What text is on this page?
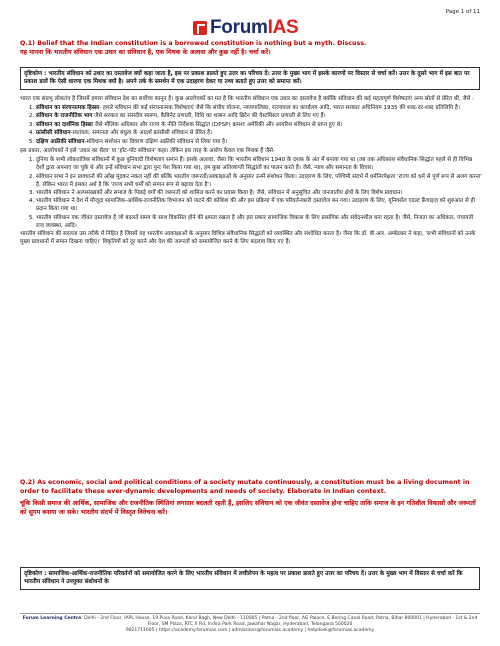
Page 1 of 11
ForumIAS
Q.1) Belief that the Indian constitution is a borrowed constitution is nothing but a myth. Discuss.
यह मानना कि भारतीय संविधान एक उधार का संविधान है, एक मिथक के अलावा और कुछ नहीं है। चर्चा करें।
दृष्टिकोण : भारतीय संविधान को उधार का दस्तावेज क्यों कहा जाता है, इस पर प्रकाश डालते हुए उत्तर का परिचय दें। उत्तर के मुख्य भाग में इसके कारणों पर विस्तार से चर्चा करें। उत्तर के दूसरे भाग में इस बात पर प्रकाश डालें कि ऐसी धारणा एक मिथक क्यों है। अपने तर्क के समर्थन में एक उदाहरण देकर या तथ्य बताते हुए उत्तर को समाप्त करें।

भारत एक संप्रभु लोकतंत्र है जिसमें हमारा संविधान देश का सर्वोच्च कानून है। कुछ आलोचकों का मत है कि भारतीय संविधान एक उधार का दस्तावेज है क्योंकि संविधान की कई महत्वपूर्ण विशेषताएं अन्य स्रोतों से प्रेरित थीं, जैसे :

1. संविधान का संरचनात्मक हिस्सा- हमारे संविधान की कई संरचनात्मक विशेषताएं जैसे कि संघीय योजना, न्यायपालिका, राज्यपाल का कार्यालय आदि, भारत सरकार अधिनियम 1935 की शब्द-दर-शब्द प्रतिलिपि है।
2. संविधान के राजनीतिक भाग जैसे सरकार का संसदीय स्वरूप, कैबिनेट प्रणाली, विधि का शासन आदि ब्रिटेन की वेस्टमिंस्टर प्रणाली से लिए गए हैं।
3. संविधान का दार्शनिक हिस्सा जैसे मौलिक अधिकार और राज्य के नीति निर्देशक सिद्धांत (DPSP) क्रमशः अमेरिकी और आयरिश संविधान से प्राप्त हुए थे।
4. फ्रांसीसी संविधान-स्वतंत्रता, समानता और बंधुत्व के आदर्श फ्रांसीसी संविधान से प्रेरित हैं।
5. दक्षिण अफ्रीकी संविधान-संविधान संशोधन का विवरण दक्षिण अफ्रीकी संविधान से लिया गया है।

इस प्रकार, आलोचकों ने इसे 'उधार का थैला' या 'हॉट-पॉट संविधान' कहा। लेकिन इस तरह के आरोप केवल एक मिथक हैं जैसे-

1. दुनिया के सभी लोकतांत्रिक संविधानों में कुछ बुनियादी विशेषताएं समान हैं। इसके अलावा, जैसा कि भारतीय संविधान 1940 के दशक के अंत में बनाया गया था (तब तक अधिकांश संवैधानिक सिद्धांत पहले से ही विभिन्न देशों द्वारा अपनाए जा चुके थे और इन्हें संविधान सभा द्वारा पुनः पेश किया गया था), हम कुछ अतिव्याप्ती सिद्धांतों का पालन करते हैं। जैसे, न्याय और समानता के विचार।
2. संविधान सभा ने इन प्रावधानों की आँख मूंदकर नकल नहीं की बल्कि भारतीय जरूरतों/आकांक्षाओं के अनुसार उनमें संशोधन किया। उदाहरण के लिए, पश्चिमी संदर्भ में धर्मनिरपेक्षता 'राज्य को धर्म से पूर्ण रूप से अलग करना' है, लेकिन भारत में इसका अर्थ है कि 'राज्य सभी धर्मों को समान रूप से बढ़ावा देता है'।
3. भारतीय संविधान ने अल्पसंख्यकों और समाज के पिछड़े वर्गों की जरूरतों को शामिल करने का प्रयास किया है। जैसे, संविधान में अनुसूचित और जनजातीय क्षेत्रों के लिए विशेष प्रावधान।
4. भारतीय संविधान ने देश में मौजूदा सामाजिक-आर्थिक-राजनीतिक विभाजन को पाटने की कोशिश की और इस प्रक्रिया में एक परिवर्तनकारी दस्तावेज बन गया। उदाहरण के लिए, यूनिवर्सल एडल्ट फ्रैंचाइज़ को शुरुआत से ही प्रदान किया गया था।
5. भारतीय संविधान एक जीवंत दस्तावेज है जो बदलते समय के साथ विकसित होने की क्षमता रखता है और इस प्रकार सामाजिक विकास के लिए प्रासंगिक और संवेदनशील बना रहता है। जैसे, निजता का अधिकार, पंचायती राज व्यवस्था, आदि।

भारतीय संविधान की सरलता उस तरीके में निहित है जिसमें यह भारतीय आकांक्षाओं के अनुसार विभिन्न संवैधानिक सिद्धांतों को व्यवस्थित और संशोधित करता है। जैसा कि डॉ. बी.आर. अम्बेडकर ने कहा, 'सभी संविधानों को उनके मुख्य प्रावधानों में समान दिखना चाहिए।' विकृतियों को दूर करने और देश की जरूरतों को समायोजित करने के लिए बदलाव किए गए हैं।

Q.2) As economic, social and political conditions of a society mutate continuously, a constitution must be a living document in order to facilitate these ever-dynamic developments and needs of society. Elaborate in Indian context.
चूंकि किसी समाज की आर्थिक, सामाजिक और राजनीतिक स्थितियां लगातार बदलती रहती हैं, इसलिए संविधान को एक जीवंत दस्तावेज होना चाहिए ताकि समाज के इन गतिशील विकासों और जरूरतों को सुगम बनाया जा सके। भारतीय संदर्भ में विस्तृत विवेचना करें।
दृष्टिकोण : सामाजिक-आर्थिक-राजनीतिक परिवर्तनों को समायोजित करने के लिए भारतीय संविधान में लचीलेपन के महत्व पर प्रकाश डालते हुए उत्तर का परिचय दें। उत्तर के मुख्य भाग में विस्तार से चर्चा करें कि भारतीय संविधान ने उपयुक्त संशोधनों के
Forum Learning Centre: Delhi - 2nd Floor, IAPL House, 19 Pusa Road, Karol Bagh, New Delhi - 110005 | Patna - 2nd floor, AG Palace, E Boring Canal Road, Patna, Bihar 800001 | Hyderabad - 1st & 2nd Floor, SM Plaza, RTC X Rd, Indira Park Road, Jawahar Nagar, Hyderabad, Telangana 500020
9821711605 | https://academy.forumias.com | admissions@forumias.academy | helpdesk@forumias.academy
